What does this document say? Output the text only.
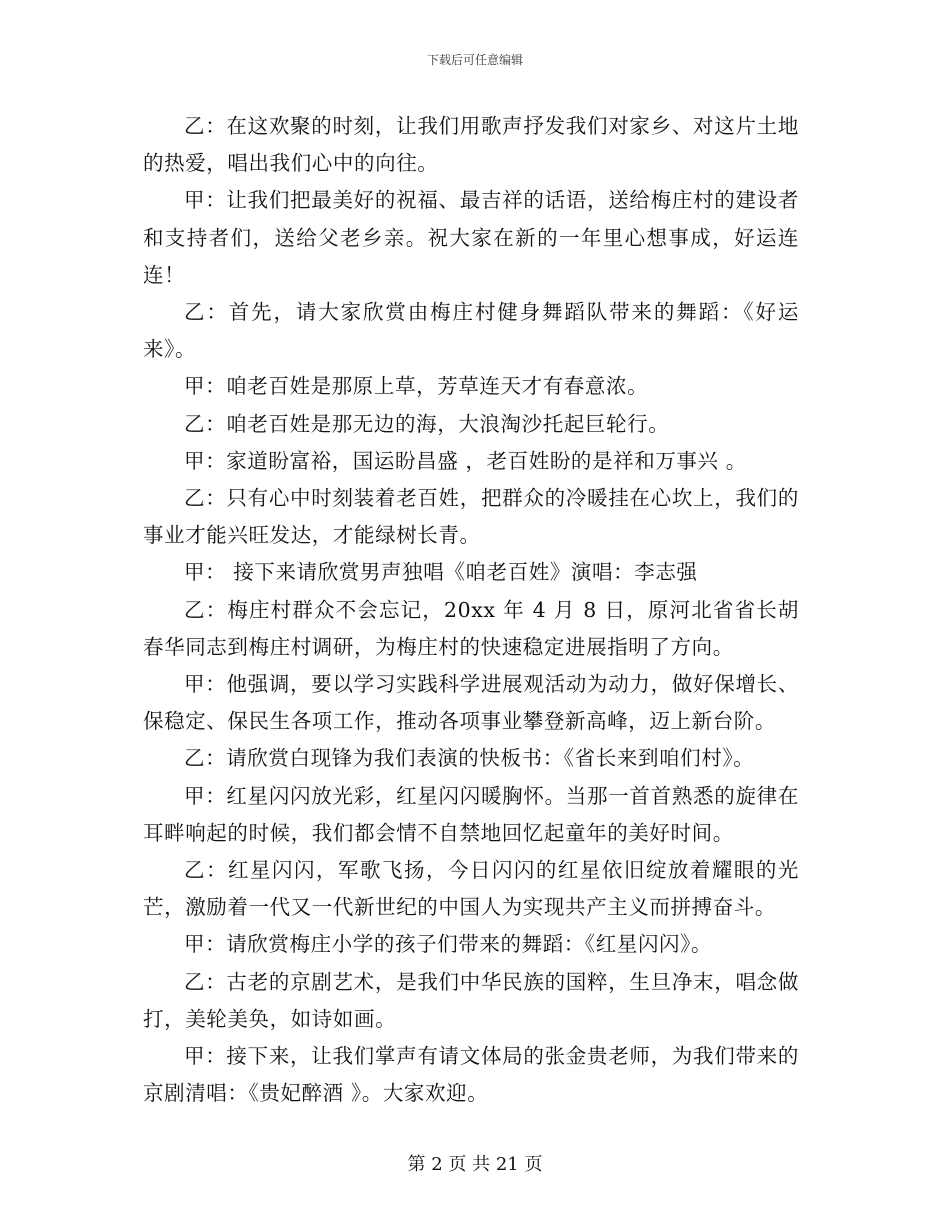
下载后可任意编辑

乙：在这欢聚的时刻，让我们用歌声抒发我们对家乡、对这片土地的热爱，唱出我们心中的向往。

甲：让我们把最美好的祝福、最吉祥的话语，送给梅庄村的建设者和支持者们，送给父老乡亲。祝大家在新的一年里心想事成，好运连连！

乙：首先，请大家欣赏由梅庄村健身舞蹈队带来的舞蹈：《好运来》。

甲：咱老百姓是那原上草，芳草连天才有春意浓。

乙：咱老百姓是那无边的海，大浪淘沙托起巨轮行。

甲：家道盼富裕，国运盼昌盛 ，老百姓盼的是祥和万事兴 。

乙：只有心中时刻装着老百姓，把群众的冷暖挂在心坎上，我们的事业才能兴旺发达，才能绿树长青。

甲： 接下来请欣赏男声独唱《咱老百姓》演唱：李志强

乙：梅庄村群众不会忘记，20xx 年 4 月 8 日，原河北省省长胡春华同志到梅庄村调研，为梅庄村的快速稳定进展指明了方向。

甲：他强调，要以学习实践科学进展观活动为动力，做好保增长、保稳定、保民生各项工作，推动各项事业攀登新高峰，迈上新台阶。

乙：请欣赏白现锋为我们表演的快板书：《省长来到咱们村》。

甲：红星闪闪放光彩，红星闪闪暖胸怀。当那一首首熟悉的旋律在耳畔响起的时候，我们都会情不自禁地回忆起童年的美好时间。

乙：红星闪闪，军歌飞扬，今日闪闪的红星依旧绽放着耀眼的光芒，激励着一代又一代新世纪的中国人为实现共产主义而拼搏奋斗。

甲：请欣赏梅庄小学的孩子们带来的舞蹈：《红星闪闪》。

乙：古老的京剧艺术，是我们中华民族的国粹，生旦净末，唱念做打，美轮美奂，如诗如画。

甲：接下来，让我们掌声有请文体局的张金贵老师，为我们带来的京剧清唱：《贵妃醉酒 》。大家欢迎。

第 2 页 共 21 页
